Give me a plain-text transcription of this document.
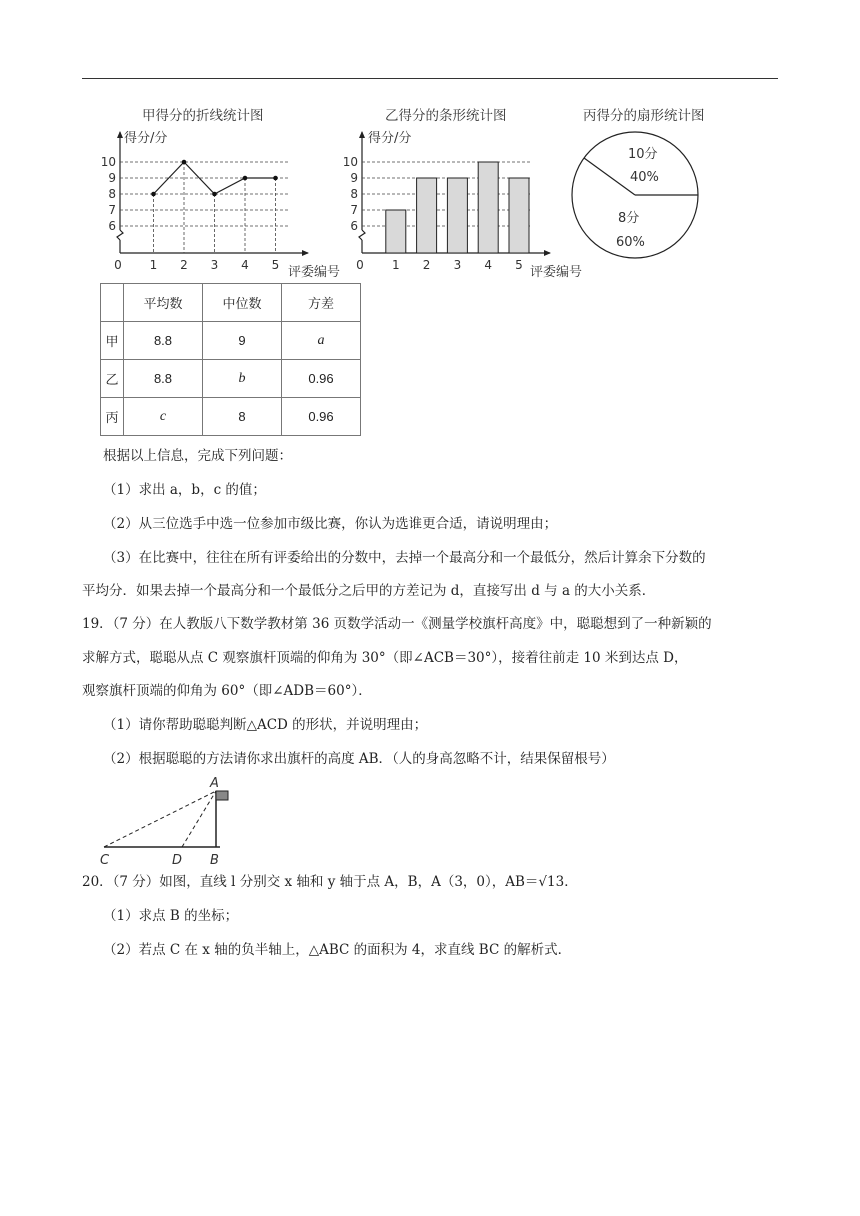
甲得分的折线统计图	乙得分的条形统计图	丙得分的扇形统计图
得分/分
评委编号
6
7
8
9
10
0 1 2 3 4 5
得分/分
评委编号
6
7
8
9
10
0 1 2 3 4 5
10分
40%
8分
60%
	平均数	中位数	方差
甲	8.8	9	a
乙	8.8	b	0.96
丙	c	8	0.96
根据以上信息，完成下列问题：
（1）求出 a，b，c 的值；
（2）从三位选手中选一位参加市级比赛，你认为选谁更合适，请说明理由；
（3）在比赛中，往往在所有评委给出的分数中，去掉一个最高分和一个最低分，然后计算余下分数的
平均分．如果去掉一个最高分和一个最低分之后甲的方差记为 d，直接写出 d 与 a 的大小关系．
19．（7 分）在人教版八下数学教材第 36 页数学活动一《测量学校旗杆高度》中，聪聪想到了一种新颖的
求解方式，聪聪从点 C 观察旗杆顶端的仰角为 30°（即∠ACB＝30°），接着往前走 10 米到达点 D，
观察旗杆顶端的仰角为 60°（即∠ADB＝60°）．
（1）请你帮助聪聪判断△ACD 的形状，并说明理由；
（2）根据聪聪的方法请你求出旗杆的高度 AB．（人的身高忽略不计，结果保留根号）
A
C	D B
20．（7 分）如图，直线 l 分别交 x 轴和 y 轴于点 A，B，A（3，0），AB＝√13．
（1）求点 B 的坐标；
（2）若点 C 在 x 轴的负半轴上，△ABC 的面积为 4，求直线 BC 的解析式．
